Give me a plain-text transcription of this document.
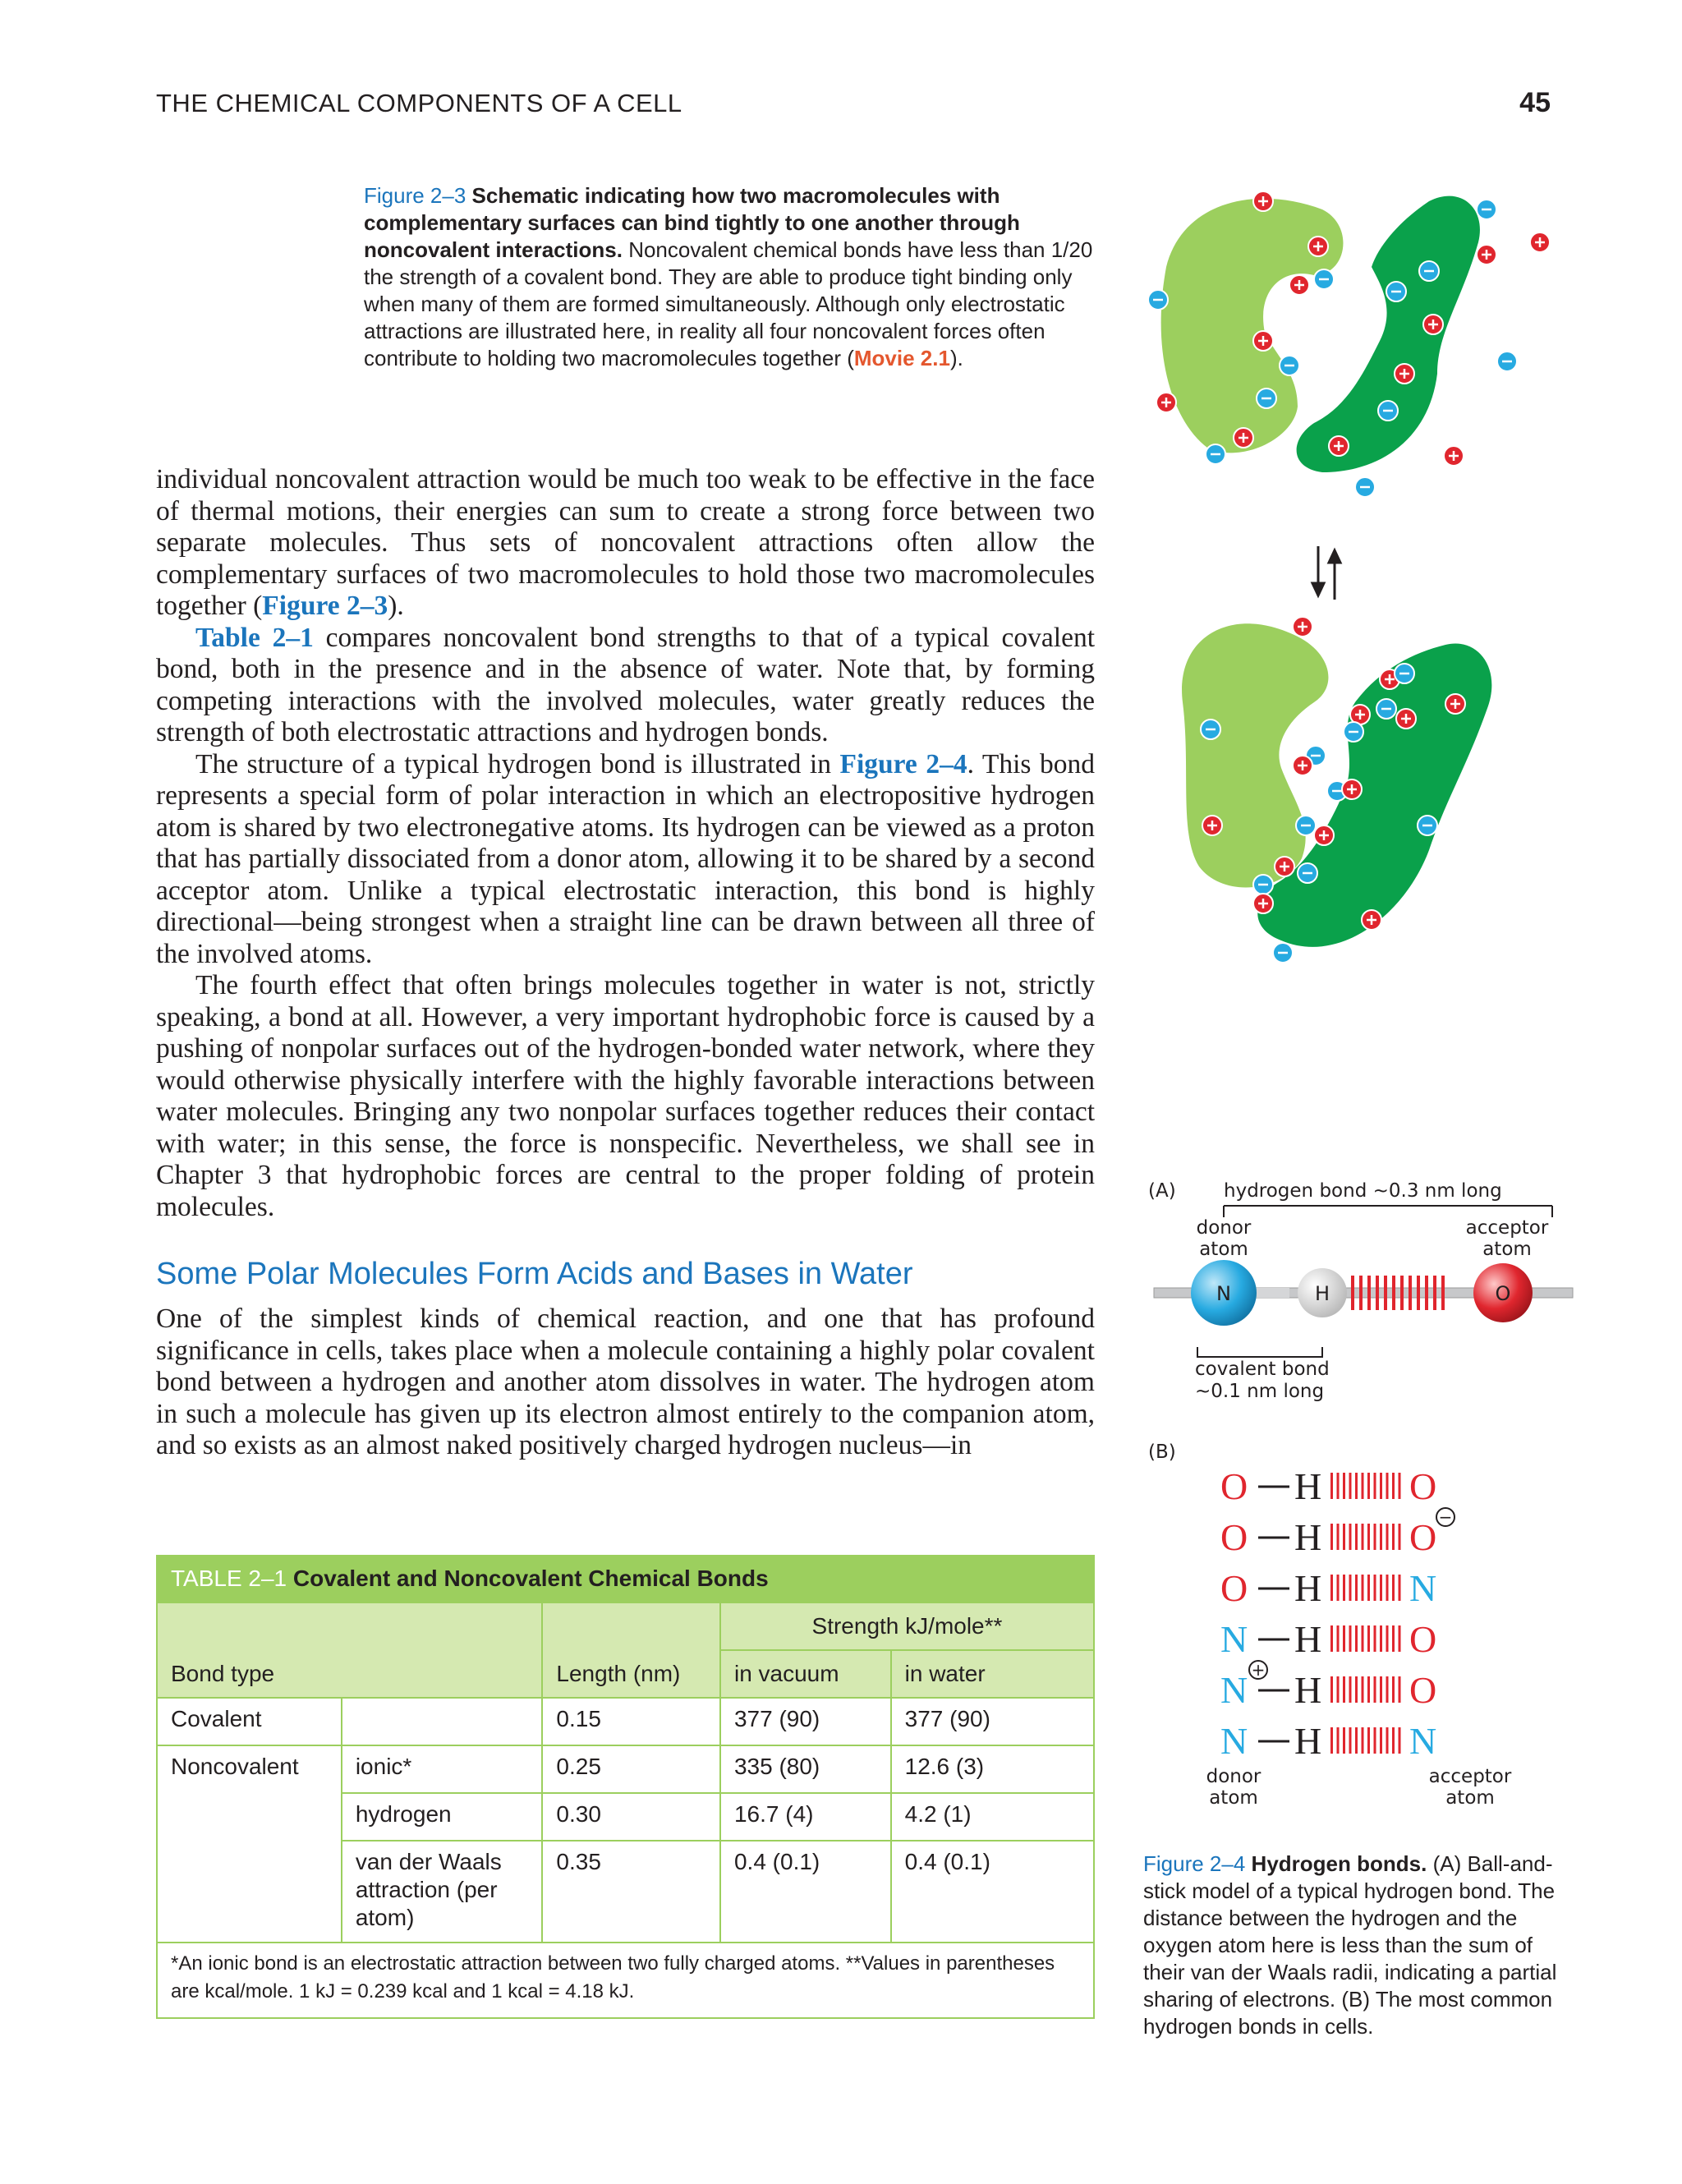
THE CHEMICAL COMPONENTS OF A CELL	45
Figure 2–3 Schematic indicating how two macromolecules with complementary surfaces can bind tightly to one another through noncovalent interactions. Noncovalent chemical bonds have less than 1/20 the strength of a covalent bond. They are able to produce tight binding only when many of them are formed simultaneously. Although only electrostatic attractions are illustrated here, in reality all four noncovalent forces often contribute to holding two macromolecules together (Movie 2.1).

individual noncovalent attraction would be much too weak to be effective in the face of thermal motions, their energies can sum to create a strong force between two separate molecules. Thus sets of noncovalent attractions often allow the complementary surfaces of two macromolecules to hold those two macromolecules together (Figure 2–3).

Table 2–1 compares noncovalent bond strengths to that of a typical covalent bond, both in the presence and in the absence of water. Note that, by forming competing interactions with the involved molecules, water greatly reduces the strength of both electrostatic attractions and hydrogen bonds.

The structure of a typical hydrogen bond is illustrated in Figure 2–4. This bond represents a special form of polar interaction in which an electropositive hydrogen atom is shared by two electronegative atoms. Its hydrogen can be viewed as a proton that has partially dissociated from a donor atom, allowing it to be shared by a second acceptor atom. Unlike a typical electrostatic interaction, this bond is highly directional—being strongest when a straight line can be drawn between all three of the involved atoms.

The fourth effect that often brings molecules together in water is not, strictly speaking, a bond at all. However, a very important hydrophobic force is caused by a pushing of nonpolar surfaces out of the hydrogen-bonded water network, where they would otherwise physically interfere with the highly favorable interactions between water molecules. Bringing any two nonpolar surfaces together reduces their contact with water; in this sense, the force is nonspecific. Nevertheless, we shall see in Chapter 3 that hydrophobic forces are central to the proper folding of protein molecules.

Some Polar Molecules Form Acids and Bases in Water
One of the simplest kinds of chemical reaction, and one that has profound significance in cells, takes place when a molecule containing a highly polar covalent bond between a hydrogen and another atom dissolves in water. The hydrogen atom in such a molecule has given up its electron almost entirely to the companion atom, and so exists as an almost naked positively charged hydrogen nucleus—in
TABLE 2–1 Covalent and Noncovalent Chemical Bonds
			Strength kJ/mole**	
Bond type		Length (nm)	in vacuum	in water
Covalent		0.15	377 (90)	377 (90)
Noncovalent	ionic*	0.25	335 (80)	12.6 (3)
	hydrogen	0.30	16.7 (4)	4.2 (1)
	van der Waals attraction (per atom)	0.35	0.4 (0.1)	0.4 (0.1)
*An ionic bond is an electrostatic attraction between two fully charged atoms. **Values in parentheses are kcal/mole. 1 kJ = 0.239 kcal and 1 kcal = 4.18 kJ.				
(A)	hydrogen bond ~0.3 nm long
donor
atom
acceptor
atom
N	H	O
covalent bond
~0.1 nm long
(B)
O H O
O H O −
O H N
N H O
N H O
+
N H N
donor
atom
acceptor
atom
Figure 2–4 Hydrogen bonds. (A) Ball-and-stick model of a typical hydrogen bond. The distance between the hydrogen and the oxygen atom here is less than the sum of their van der Waals radii, indicating a partial sharing of electrons. (B) The most common hydrogen bonds in cells.
